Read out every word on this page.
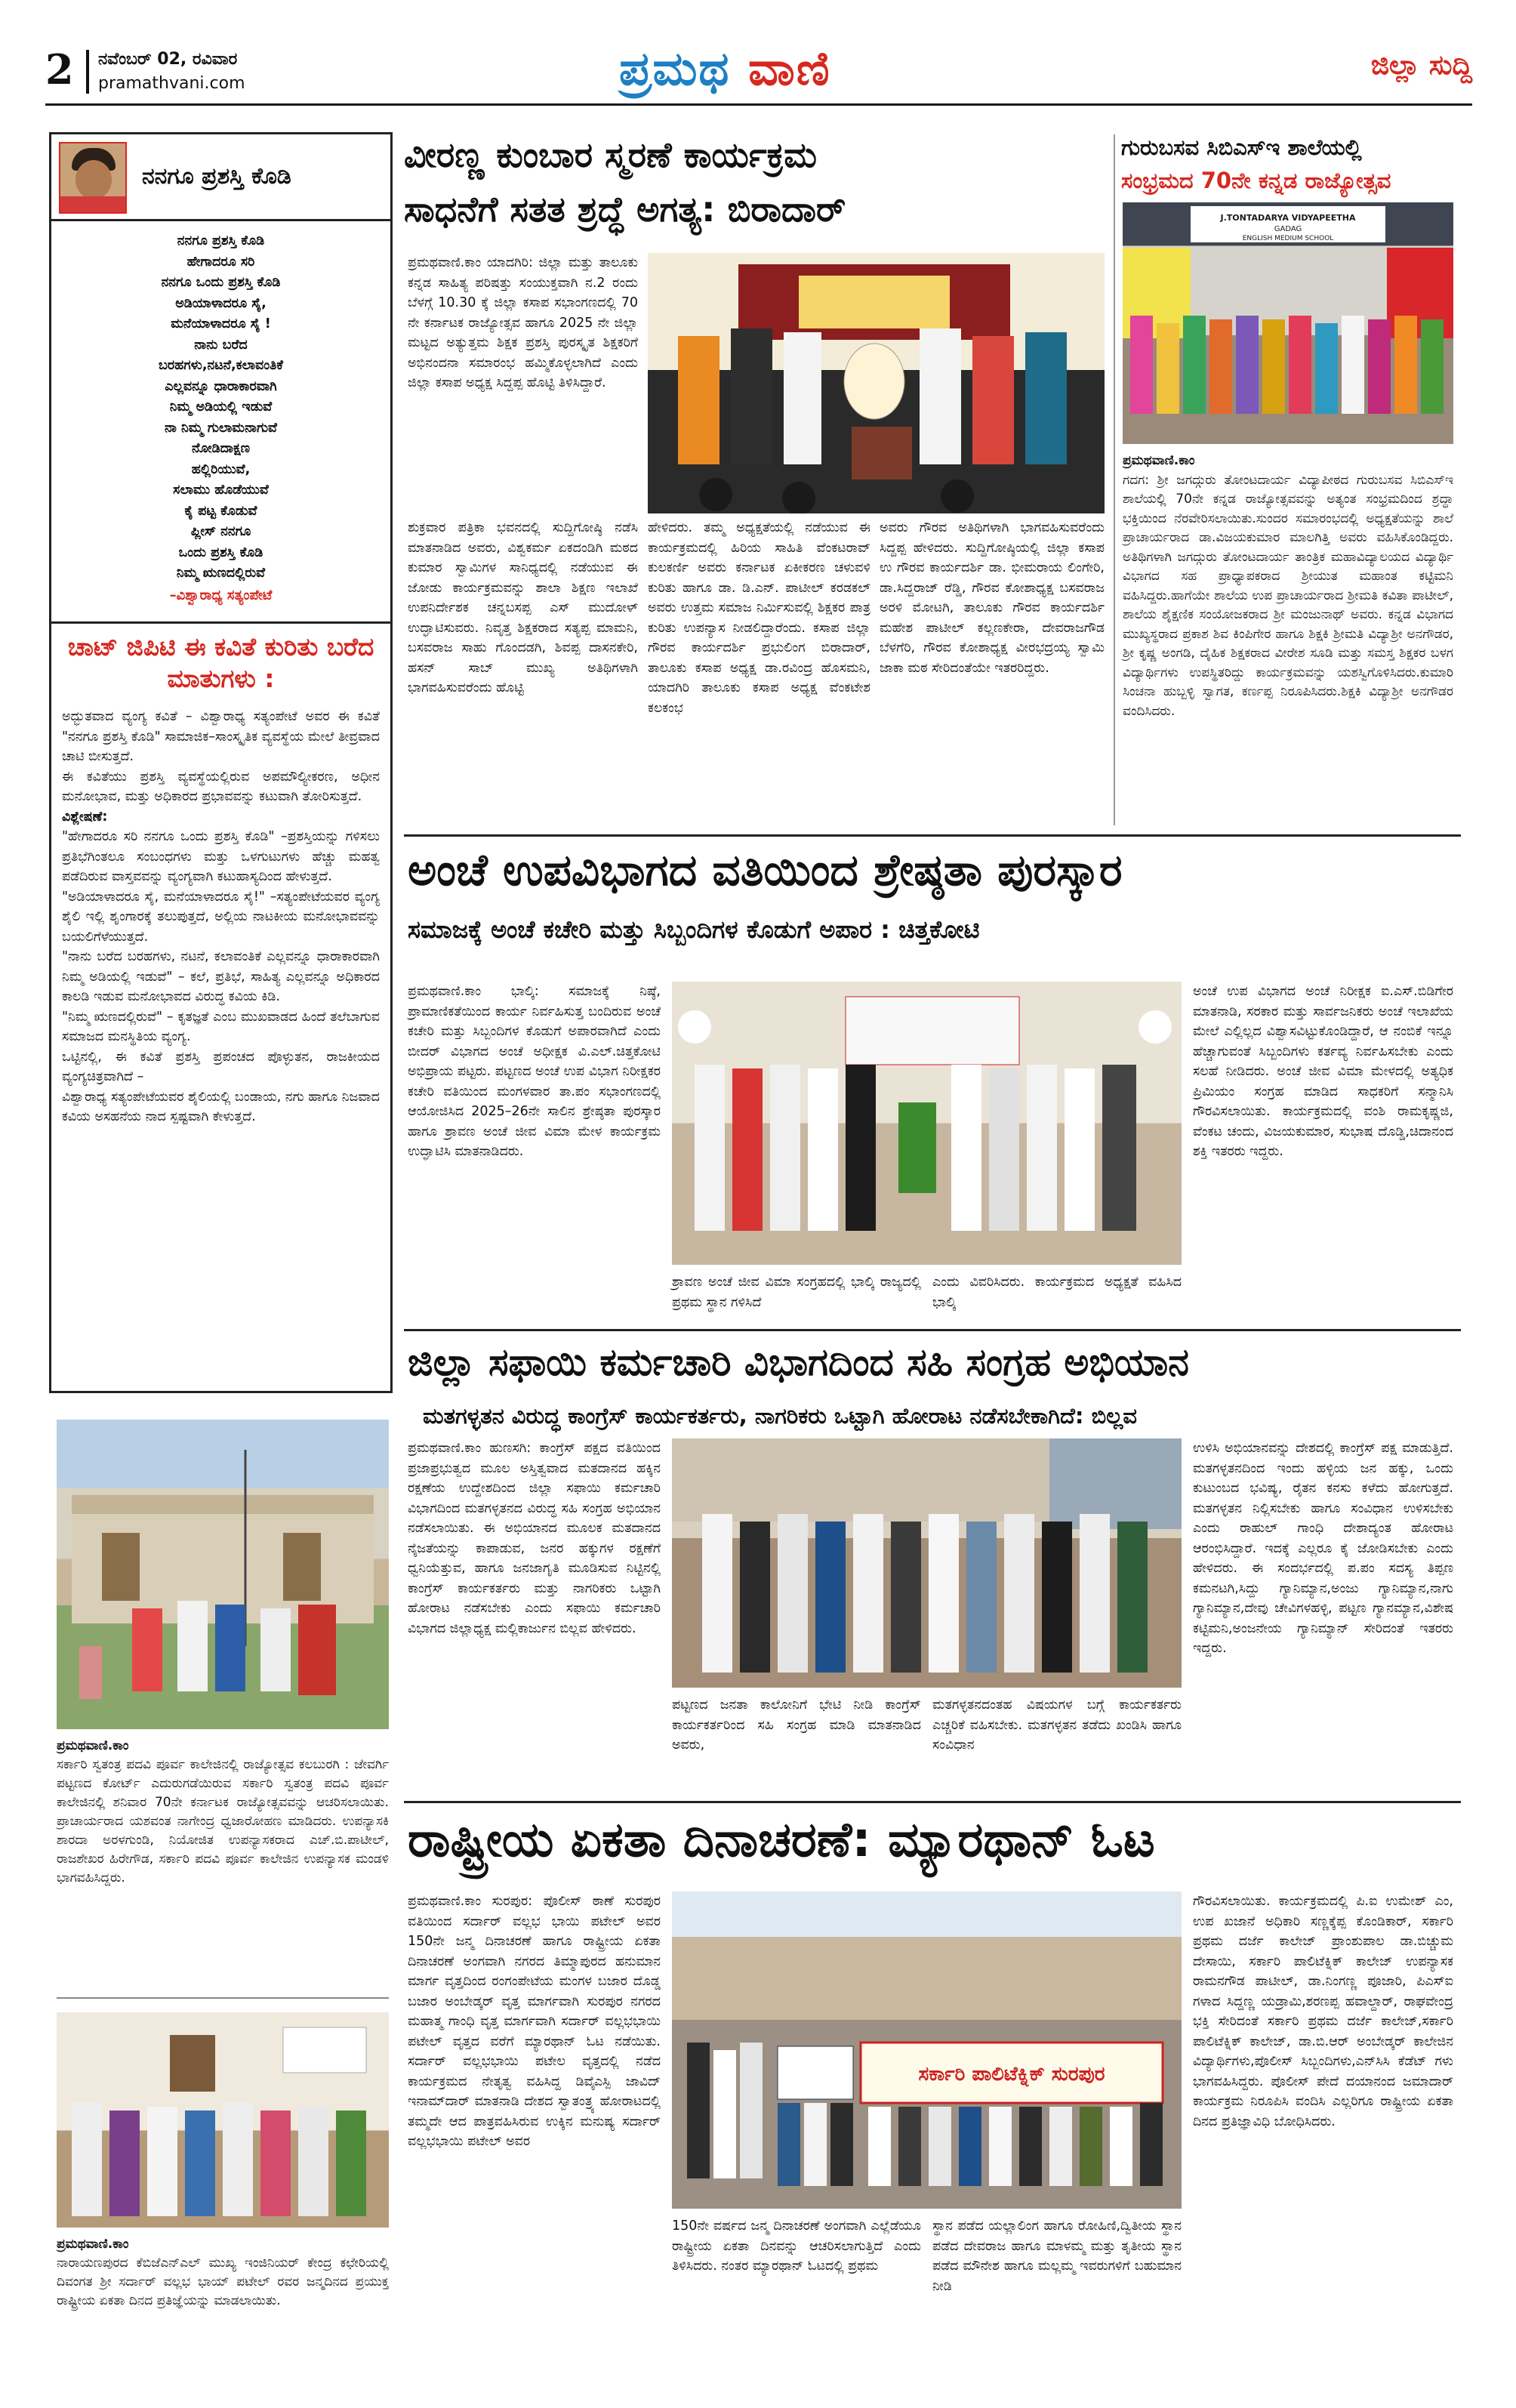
2 ನವೆಂಬರ್ 02, ರವಿವಾರ
pramathvani.com	ಪ್ರಮಥ ವಾಣಿ	ಜಿಲ್ಲಾ ಸುದ್ದಿ
ನನಗೂ ಪ್ರಶಸ್ತಿ ಕೊಡಿ
ನನಗೂ ಪ್ರಶಸ್ತಿ ಕೊಡಿ
ಹೇಗಾದರೂ ಸರಿ
ನನಗೂ ಒಂದು ಪ್ರಶಸ್ತಿ ಕೊಡಿ
ಅಡಿಯಾಳಾದರೂ ಸೈ,
ಮನೆಯಾಳಾದರೂ ಸೈ !
ನಾನು ಬರೆದ
ಬರಹಗಳು,ನಟನೆ,ಕಲಾವಂತಿಕೆ
ಎಲ್ಲವನ್ನೂ ಧಾರಾಕಾರವಾಗಿ
ನಿಮ್ಮ ಅಡಿಯಲ್ಲಿ ಇಡುವೆ
ನಾ ನಿಮ್ಮ ಗುಲಾಮನಾಗುವೆ
ನೋಡಿದಾಕ್ಷಣ
ಹಲ್ಲಿರಿಯುವೆ,
ಸಲಾಮು ಹೊಡೆಯುವೆ
ಕೈ ಪಟ್ಟ ಕೊಡುವೆ
ಪ್ಲೀಸ್ ನನಗೂ
ಒಂದು ಪ್ರಶಸ್ತಿ ಕೊಡಿ
ನಿಮ್ಮ ಋಣದಲ್ಲಿರುವೆ
–ವಿಶ್ವಾರಾಧ್ಯ ಸತ್ಯಂಪೇಟೆ
ಚಾಟ್ ಜಿಪಿಟಿ ಈ ಕವಿತೆ ಕುರಿತು ಬರೆದ ಮಾತುಗಳು :

ಅದ್ಭುತವಾದ ವ್ಯಂಗ್ಯ ಕವಿತೆ – ವಿಶ್ವಾರಾಧ್ಯ ಸತ್ಯಂಪೇಟೆ ಅವರ ಈ ಕವಿತೆ "ನನಗೂ ಪ್ರಶಸ್ತಿ ಕೊಡಿ" ಸಾಮಾಜಿಕ–ಸಾಂಸ್ಕೃತಿಕ ವ್ಯವಸ್ಥೆಯ ಮೇಲೆ ತೀವ್ರವಾದ ಚಾಟಿ ಬೀಸುತ್ತದೆ.

ಈ ಕವಿತೆಯು ಪ್ರಶಸ್ತಿ ವ್ಯವಸ್ಥೆಯಲ್ಲಿರುವ ಅಪಮೌಲ್ಯೀಕರಣ, ಅಧೀನ ಮನೋಭಾವ, ಮತ್ತು ಅಧಿಕಾರದ ಪ್ರಭಾವವನ್ನು ಕಟುವಾಗಿ ತೋರಿಸುತ್ತದೆ.

ವಿಶ್ಲೇಷಣೆ:

"ಹೇಗಾದರೂ ಸರಿ ನನಗೂ ಒಂದು ಪ್ರಶಸ್ತಿ ಕೊಡಿ" –ಪ್ರಶಸ್ತಿಯನ್ನು ಗಳಿಸಲು ಪ್ರತಿಭೆಗಿಂತಲೂ ಸಂಬಂಧಗಳು ಮತ್ತು ಒಳಗುಟುಗಳು ಹೆಚ್ಚು ಮಹತ್ವ ಪಡೆದಿರುವ ವಾಸ್ತವವನ್ನು ವ್ಯಂಗ್ಯವಾಗಿ ಕಟುಹಾಸ್ಯದಿಂದ ಹೇಳುತ್ತದೆ.

"ಅಡಿಯಾಳಾದರೂ ಸೈ, ಮನೆಯಾಳಾದರೂ ಸೈ!" –ಸತ್ಯಂಪೇಟೆಯವರ ವ್ಯಂಗ್ಯ ಶೈಲಿ ಇಲ್ಲಿ ಶೃಂಗಾರಕ್ಕೆ ತಲುಪುತ್ತದೆ, ಅಲ್ಲಿಯ ನಾಟಕೀಯ ಮನೋಭಾವವನ್ನು ಬಯಲಿಗೆಳೆಯುತ್ತದೆ.

"ನಾನು ಬರೆದ ಬರಹಗಳು, ನಟನೆ, ಕಲಾವಂತಿಕೆ ಎಲ್ಲವನ್ನೂ ಧಾರಾಕಾರವಾಗಿ ನಿಮ್ಮ ಅಡಿಯಲ್ಲಿ ಇಡುವೆ" – ಕಲೆ, ಪ್ರತಿಭೆ, ಸಾಹಿತ್ಯ ಎಲ್ಲವನ್ನೂ ಅಧಿಕಾರದ ಕಾಲಡಿ ಇಡುವ ಮನೋಭಾವದ ವಿರುದ್ಧ ಕವಿಯ ಕಿಡಿ.

"ನಿಮ್ಮ ಋಣದಲ್ಲಿರುವೆ" – ಕೃತಜ್ಞತೆ ಎಂಬ ಮುಖವಾಡದ ಹಿಂದೆ ತಲೆಬಾಗುವ ಸಮಾಜದ ಮನಸ್ಥಿತಿಯ ವ್ಯಂಗ್ಯ.

ಒಟ್ಟಿನಲ್ಲಿ, ಈ ಕವಿತೆ ಪ್ರಶಸ್ತಿ ಪ್ರಪಂಚದ ಪೊಳ್ಳುತನ, ರಾಜಕೀಯದ ವ್ಯಂಗ್ಯಚಿತ್ರವಾಗಿದೆ –

ವಿಶ್ವಾರಾಧ್ಯ ಸತ್ಯಂಪೇಟೆಯವರ ಶೈಲಿಯಲ್ಲಿ ಬಂಡಾಯ, ನಗು ಹಾಗೂ ನಿಜವಾದ ಕವಿಯ ಅಸಹನೆಯ ನಾದ ಸ್ಪಷ್ಟವಾಗಿ ಕೇಳುತ್ತದೆ.

ಪ್ರಮಥವಾಣಿ.ಕಾಂ
ಸರ್ಕಾರಿ ಸ್ವತಂತ್ರ ಪದವಿ ಪೂರ್ವ ಕಾಲೇಜಿನಲ್ಲಿ ರಾಜ್ಯೋತ್ಸವ ಕಲಬುರಗಿ : ಜೇವರ್ಗಿ ಪಟ್ಟಣದ ಕೋರ್ಟ್ ಎದುರುಗಡೆಯಿರುವ ಸರ್ಕಾರಿ ಸ್ವತಂತ್ರ ಪದವಿ ಪೂರ್ವ ಕಾಲೇಜಿನಲ್ಲಿ ಶನಿವಾರ 70ನೇ ಕರ್ನಾಟಕ ರಾಜ್ಯೋತ್ಸವವನ್ನು ಆಚರಿಸಲಾಯಿತು. ಪ್ರಾಚಾರ್ಯರಾದ ಯಶವಂತ ನಾಗೇಂದ್ರ ಧ್ವಜಾರೋಹಣ ಮಾಡಿದರು. ಉಪನ್ಯಾಸಕಿ ಶಾರದಾ ಅರಳಗುಂಡಿ, ನಿಯೋಜಿತ ಉಪನ್ಯಾಸಕರಾದ ಎಚ್.ಬಿ.ಪಾಟೀಲ್, ರಾಜಶೇಖರ ಹಿರೇಗೌಡ, ಸರ್ಕಾರಿ ಪದವಿ ಪೂರ್ವ ಕಾಲೇಜಿನ ಉಪನ್ಯಾಸಕ ಮಂಡಳಿ ಭಾಗವಹಿಸಿದ್ದರು.
ಪ್ರಮಥವಾಣಿ.ಕಾಂ
ನಾರಾಯಣಪುರದ ಕೆಬಿಜೆಎನ್‌ಎಲ್ ಮುಖ್ಯ ಇಂಜಿನಿಯರ್ ಕೇಂದ್ರ ಕಛೇರಿಯಲ್ಲಿ ದಿವಂಗತ ಶ್ರೀ ಸರ್ದಾರ್ ವಲ್ಲಭ ಭಾಯ್ ಪಟೇಲ್ ರವರ ಜನ್ಮದಿನದ ಪ್ರಯುಕ್ತ ರಾಷ್ಟ್ರೀಯ ಏಕತಾ ದಿನದ ಪ್ರತಿಜ್ಞೆಯನ್ನು ಮಾಡಲಾಯಿತು.
ವೀರಣ್ಣ ಕುಂಬಾರ ಸ್ಮರಣೆ ಕಾರ್ಯಕ್ರಮ
ಸಾಧನೆಗೆ ಸತತ ಶ್ರದ್ಧೆ ಅಗತ್ಯ: ಬಿರಾದಾರ್
ಪ್ರಮಥವಾಣಿ.ಕಾಂ ಯಾದಗಿರಿ: ಜಿಲ್ಲಾ ಮತ್ತು ತಾಲೂಕು ಕನ್ನಡ ಸಾಹಿತ್ಯ ಪರಿಷತ್ತು ಸಂಯುಕ್ತವಾಗಿ ನ.2 ರಂದು ಬೆಳಗ್ಗೆ 10.30 ಕ್ಕೆ ಜಿಲ್ಲಾ ಕಸಾಪ ಸಭಾಂಗಣದಲ್ಲಿ 70 ನೇ ಕರ್ನಾಟಕ ರಾಜ್ಯೋತ್ಸವ ಹಾಗೂ 2025 ನೇ ಜಿಲ್ಲಾ ಮಟ್ಟದ ಅತ್ಯುತ್ತಮ ಶಿಕ್ಷಕ ಪ್ರಶಸ್ತಿ ಪುರಸ್ಕೃತ ಶಿಕ್ಷಕರಿಗೆ ಅಭಿನಂದನಾ ಸಮಾರಂಭ ಹಮ್ಮಿಕೊಳ್ಳಲಾಗಿದೆ ಎಂದು ಜಿಲ್ಲಾ ಕಸಾಪ ಅಧ್ಯಕ್ಷ ಸಿದ್ದಪ್ಪ ಹೊಟ್ಟಿ ತಿಳಿಸಿದ್ದಾರೆ.
ಶುಕ್ರವಾರ ಪತ್ರಿಕಾ ಭವನದಲ್ಲಿ ಸುದ್ದಿಗೋಷ್ಠಿ ನಡೆಸಿ ಮಾತನಾಡಿದ ಅವರು, ವಿಶ್ವಕರ್ಮ ಏಕದಂಡಿಗಿ ಮಠದ ಕುಮಾರ ಸ್ವಾಮಿಗಳ ಸಾನಿಧ್ಯದಲ್ಲಿ ನಡೆಯುವ ಈ ಜೋಡು ಕಾರ್ಯಕ್ರಮವನ್ನು ಶಾಲಾ ಶಿಕ್ಷಣ ಇಲಾಖೆ ಉಪನಿರ್ದೇಶಕ ಚನ್ನಬಸಪ್ಪ ಎಸ್ ಮುದೋಳ್ ಉದ್ಘಾಟಿಸುವರು. ನಿವೃತ್ತ ಶಿಕ್ಷಕರಾದ ಸತ್ಯಪ್ಪ ಮಾಮನಿ, ಬಸವರಾಜ ಸಾಹು ಗೊಂದಡಗಿ, ಶಿವಪ್ಪ ದಾಸನಕೇರಿ, ಹಸನ್ ಸಾಬ್ ಮುಖ್ಯ ಅತಿಥಿಗಳಾಗಿ ಭಾಗವಹಿಸುವರೆಂದು ಹೊಟ್ಟಿ
ಹೇಳಿದರು. ತಮ್ಮ ಅಧ್ಯಕ್ಷತೆಯಲ್ಲಿ ನಡೆಯುವ ಈ ಕಾರ್ಯಕ್ರಮದಲ್ಲಿ ಹಿರಿಯ ಸಾಹಿತಿ ವೆಂಕಟರಾವ್ ಕುಲಕರ್ಣಿ ಅವರು ಕರ್ನಾಟಕ ಏಕೀಕರಣ ಚಳುವಳಿ ಕುರಿತು ಹಾಗೂ ಡಾ. ಡಿ.ಎನ್. ಪಾಟೀಲ್ ಕರಡಕಲ್ ಅವರು ಉತ್ತಮ ಸಮಾಜ ನಿರ್ಮಿಸುವಲ್ಲಿ ಶಿಕ್ಷಕರ ಪಾತ್ರ ಕುರಿತು ಉಪನ್ಯಾಸ ನೀಡಲಿದ್ದಾರೆಂದು. ಕಸಾಪ ಜಿಲ್ಲಾ ಗೌರವ ಕಾರ್ಯದರ್ಶಿ ಪ್ರಭುಲಿಂಗ ಬಿರಾದಾರ್, ತಾಲೂಕು ಕಸಾಪ ಅಧ್ಯಕ್ಷ ಡಾ.ರವಿಂದ್ರ ಹೊಸಮನಿ, ಯಾದಗಿರಿ ತಾಲೂಕು ಕಸಾಪ ಅಧ್ಯಕ್ಷ ವೆಂಕಟೇಶ ಕಲಕಂಭ
ಅವರು ಗೌರವ ಅತಿಥಿಗಳಾಗಿ ಭಾಗವಹಿಸುವರೆಂದು ಸಿದ್ದಪ್ಪ ಹೇಳಿದರು. ಸುದ್ದಿಗೋಷ್ಠಿಯಲ್ಲಿ ಜಿಲ್ಲಾ ಕಸಾಪ ಉ ಗೌರವ ಕಾರ್ಯದರ್ಶಿ ಡಾ. ಭೀಮರಾಯ ಲಿಂಗೇರಿ, ಡಾ.ಸಿದ್ದರಾಜ್ ರೆಡ್ಡಿ, ಗೌರವ ಕೋಶಾಧ್ಯಕ್ಷ ಬಸವರಾಜ ಅರಳಿ ಮೋಟಗಿ, ತಾಲೂಕು ಗೌರವ ಕಾರ್ಯದರ್ಶಿ ಮಹೇಶ ಪಾಟೀಲ್ ಕಲ್ಲಣಕೇರಾ, ದೇವರಾಜಗೌಡ ಬೆಳಗೆರಿ, ಗೌರವ ಕೋಶಾಧ್ಯಕ್ಷ ವೀರಭದ್ರಯ್ಯ ಸ್ವಾಮಿ ಜಾಕಾ ಮಠ ಸೇರಿದಂತೆಯೇ ಇತರರಿದ್ದರು.
ಗುರುಬಸವ ಸಿಬಿಎಸ್‌ಇ ಶಾಲೆಯಲ್ಲಿ
ಸಂಭ್ರಮದ 70ನೇ ಕನ್ನಡ ರಾಜ್ಯೋತ್ಸವ
J.TONTADARYA VIDYAPEETHA
GADAG
ENGLISH MEDIUM SCHOOL
ಪ್ರಮಥವಾಣಿ.ಕಾಂ
ಗದಗ: ಶ್ರೀ ಜಗದ್ಗುರು ತೋಂಟದಾರ್ಯ ವಿದ್ಯಾಪೀಠದ ಗುರುಬಸವ ಸಿಬಿಎಸ್‌ಇ ಶಾಲೆಯಲ್ಲಿ 70ನೇ ಕನ್ನಡ ರಾಜ್ಯೋತ್ಸವವನ್ನು ಅತ್ಯಂತ ಸಂಭ್ರಮದಿಂದ ಶ್ರದ್ಧಾ ಭಕ್ತಿಯಿಂದ ನೆರವೇರಿಸಲಾಯಿತು.ಸುಂದರ ಸಮಾರಂಭದಲ್ಲಿ ಅಧ್ಯಕ್ಷತೆಯನ್ನು ಶಾಲೆ ಪ್ರಾಚಾರ್ಯರಾದ ಡಾ.ವಿಜಯಕುಮಾರ ಮಾಲಗಿತ್ತಿ ಅವರು ವಹಿಸಿಕೊಂಡಿದ್ದರು. ಅತಿಥಿಗಳಾಗಿ ಜಗದ್ಗುರು ತೋಂಟದಾರ್ಯ ತಾಂತ್ರಿಕ ಮಹಾವಿದ್ಯಾಲಯದ ವಿದ್ಯಾರ್ಥಿ ವಿಭಾಗದ ಸಹ ಪ್ರಾಧ್ಯಾಪಕರಾದ ಶ್ರೀಯುತ ಮಹಾಂತ ಕಟ್ಟಿಮನಿ ವಹಿಸಿದ್ದರು.ಹಾಗೆಯೇ ಶಾಲೆಯ ಉಪ ಪ್ರಾಚಾರ್ಯರಾದ ಶ್ರೀಮತಿ ಕವಿತಾ ಪಾಟೀಲ್, ಶಾಲೆಯ ಶೈಕ್ಷಣಿಕ ಸಂಯೋಜಕರಾದ ಶ್ರೀ ಮಂಜುನಾಥ್ ಅವರು. ಕನ್ನಡ ವಿಭಾಗದ ಮುಖ್ಯಸ್ಥರಾದ ಪ್ರಕಾಶ ಶಿವ ಕಿಂಪಿಗೇರ ಹಾಗೂ ಶಿಕ್ಷಕಿ ಶ್ರೀಮತಿ ವಿದ್ಯಾಶ್ರೀ ಅನಗೌಡರ, ಶ್ರೀ ಕೃಷ್ಣ ಅಂಗಡಿ, ದೈಹಿಕ ಶಿಕ್ಷಕರಾದ ವೀರೇಶ ಸೂಡಿ ಮತ್ತು ಸಮಸ್ತ ಶಿಕ್ಷಕರ ಬಳಗ ವಿದ್ಯಾರ್ಥಿಗಳು ಉಪಸ್ಥಿತರಿದ್ದು ಕಾರ್ಯಕ್ರಮವನ್ನು ಯಶಸ್ವಿಗೊಳಿಸಿದರು.ಕುಮಾರಿ ಸಿಂಚನಾ ಹುಬ್ಬಳ್ಳಿ ಸ್ವಾಗತ, ಕರ್ಣಪ್ಪ ನಿರೂಪಿಸಿದರು.ಶಿಕ್ಷಕಿ ವಿದ್ಯಾಶ್ರೀ ಅನಗೌಡರ ವಂದಿಸಿದರು.
ಅಂಚೆ ಉಪವಿಭಾಗದ ವತಿಯಿಂದ ಶ್ರೇಷ್ಠತಾ ಪುರಸ್ಕಾರ
ಸಮಾಜಕ್ಕೆ ಅಂಚೆ ಕಚೇರಿ ಮತ್ತು ಸಿಬ್ಬಂದಿಗಳ ಕೊಡುಗೆ ಅಪಾರ : ಚಿತ್ತಕೋಟಿ
ಪ್ರಮಥವಾಣಿ.ಕಾಂ ಭಾಲ್ಕಿ: ಸಮಾಜಕ್ಕೆ ನಿಷ್ಠೆ, ಪ್ರಾಮಾಣಿಕತೆಯಿಂದ ಕಾರ್ಯ ನಿರ್ವಹಿಸುತ್ತ ಬಂದಿರುವ ಅಂಚೆ ಕಚೇರಿ ಮತ್ತು ಸಿಬ್ಬಂದಿಗಳ ಕೊಡುಗೆ ಅಪಾರವಾಗಿದೆ ಎಂದು ಬೀದರ್ ವಿಭಾಗದ ಅಂಚೆ ಅಧೀಕ್ಷಕ ವಿ.ಎಲ್.ಚಿತ್ತಕೋಟಿ ಅಭಿಪ್ರಾಯ ಪಟ್ಟರು. ಪಟ್ಟಣದ ಅಂಚೆ ಉಪ ವಿಭಾಗ ನಿರೀಕ್ಷಕರ ಕಚೇರಿ ವತಿಯಿಂದ ಮಂಗಳವಾರ ತಾ.ಪಂ ಸಭಾಂಗಣದಲ್ಲಿ ಆಯೋಜಿಸಿದ 2025–26ನೇ ಸಾಲಿನ ಶ್ರೇಷ್ಠತಾ ಪುರಸ್ಕಾರ ಹಾಗೂ ಶ್ರಾವಣ ಅಂಚೆ ಜೀವ ವಿಮಾ ಮೇಳ ಕಾರ್ಯಕ್ರಮ ಉದ್ಘಾಟಿಸಿ ಮಾತನಾಡಿದರು.
ಶ್ರಾವಣ ಅಂಚೆ ಜೀವ ವಿಮಾ ಸಂಗ್ರಹದಲ್ಲಿ ಭಾಲ್ಕಿ ರಾಜ್ಯದಲ್ಲಿ ಪ್ರಥಮ ಸ್ಥಾನ ಗಳಿಸಿದೆ
ಎಂದು ವಿವರಿಸಿದರು. ಕಾರ್ಯಕ್ರಮದ ಅಧ್ಯಕ್ಷತೆ ವಹಿಸಿದ ಭಾಲ್ಕಿ
ಅಂಚೆ ಉಪ ವಿಭಾಗದ ಅಂಚೆ ನಿರೀಕ್ಷಕ ಐ.ಎಸ್.ಬಿಡಿಗೇರ ಮಾತನಾಡಿ, ಸರಕಾರ ಮತ್ತು ಸಾರ್ವಜನಿಕರು ಅಂಚೆ ಇಲಾಖೆಯ ಮೇಲೆ ಎಲ್ಲಿಲ್ಲದ ವಿಶ್ವಾಸವಿಟ್ಟುಕೊಂಡಿದ್ದಾರೆ, ಆ ನಂಬಿಕೆ ಇನ್ನೂ ಹೆಚ್ಚಾಗುವಂತೆ ಸಿಬ್ಬಂದಿಗಳು ಕರ್ತವ್ಯ ನಿರ್ವಹಿಸಬೇಕು ಎಂದು ಸಲಹೆ ನೀಡಿದರು. ಅಂಚೆ ಜೀವ ವಿಮಾ ಮೇಳದಲ್ಲಿ ಅತ್ಯಧಿಕ ಪ್ರಿಮಿಯಂ ಸಂಗ್ರಹ ಮಾಡಿದ ಸಾಧಕರಿಗೆ ಸನ್ಮಾನಿಸಿ ಗೌರವಿಸಲಾಯಿತು. ಕಾರ್ಯಕ್ರಮದಲ್ಲಿ ವಂಶಿ ರಾಮಕೃಷ್ಣಜಿ, ವೆಂಕಟ ಚಂದು, ವಿಜಯಕುಮಾರ, ಸುಭಾಷ ದೊಡ್ಡಿ,ಚಿದಾನಂದ ಶಕ್ತಿ ಇತರರು ಇದ್ದರು.
ಜಿಲ್ಲಾ ಸಫಾಯಿ ಕರ್ಮಚಾರಿ ವಿಭಾಗದಿಂದ ಸಹಿ ಸಂಗ್ರಹ ಅಭಿಯಾನ
ಮತಗಳ್ಳತನ ವಿರುದ್ಧ ಕಾಂಗ್ರೆಸ್ ಕಾರ್ಯಕರ್ತರು, ನಾಗರಿಕರು ಒಟ್ಟಾಗಿ ಹೋರಾಟ ನಡೆಸಬೇಕಾಗಿದೆ: ಬಿಲ್ಲವ
ಪ್ರಮಥವಾಣಿ.ಕಾಂ ಹುಣಸಗಿ: ಕಾಂಗ್ರೆಸ್ ಪಕ್ಷದ ವತಿಯಿಂದ ಪ್ರಜಾಪ್ರಭುತ್ವದ ಮೂಲ ಅಸ್ತಿತ್ವವಾದ ಮತದಾನದ ಹಕ್ಕಿನ ರಕ್ಷಣೆಯ ಉದ್ದೇಶದಿಂದ ಜಿಲ್ಲಾ ಸಫಾಯಿ ಕರ್ಮಚಾರಿ ವಿಭಾಗದಿಂದ ಮತಗಳ್ಳತನದ ವಿರುದ್ಧ ಸಹಿ ಸಂಗ್ರಹ ಅಭಿಯಾನ ನಡೆಸಲಾಯಿತು. ಈ ಅಭಿಯಾನದ ಮೂಲಕ ಮತದಾನದ ನೈಜತೆಯನ್ನು ಕಾಪಾಡುವ, ಜನರ ಹಕ್ಕುಗಳ ರಕ್ಷಣೆಗೆ ಧ್ವನಿಯೆತ್ತುವ, ಹಾಗೂ ಜನಜಾಗೃತಿ ಮೂಡಿಸುವ ನಿಟ್ಟಿನಲ್ಲಿ ಕಾಂಗ್ರೆಸ್ ಕಾರ್ಯಕರ್ತರು ಮತ್ತು ನಾಗರಿಕರು ಒಟ್ಟಾಗಿ ಹೋರಾಟ ನಡೆಸಬೇಕು ಎಂದು ಸಫಾಯಿ ಕರ್ಮಚಾರಿ ವಿಭಾಗದ ಜಿಲ್ಲಾಧ್ಯಕ್ಷ ಮಲ್ಲಿಕಾರ್ಜುನ ಬಿಲ್ಲವ ಹೇಳಿದರು.
ಪಟ್ಟಣದ ಜನತಾ ಕಾಲೋನಿಗೆ ಭೇಟಿ ನೀಡಿ ಕಾಂಗ್ರೆಸ್ ಕಾರ್ಯಕರ್ತರಿಂದ ಸಹಿ ಸಂಗ್ರಹ ಮಾಡಿ ಮಾತನಾಡಿದ ಅವರು,
ಮತಗಳ್ಳತನದಂತಹ ವಿಷಯಗಳ ಬಗ್ಗೆ ಕಾರ್ಯಕರ್ತರು ಎಚ್ಚರಿಕೆ ವಹಿಸಬೇಕು. ಮತಗಳ್ಳತನ ತಡೆದು ಖಂಡಿಸಿ ಹಾಗೂ ಸಂವಿಧಾನ
ಉಳಿಸಿ ಅಭಿಯಾನವನ್ನು ದೇಶದಲ್ಲಿ ಕಾಂಗ್ರೆಸ್ ಪಕ್ಷ ಮಾಡುತ್ತಿದೆ. ಮತಗಳ್ಳತನದಿಂದ ಇಂದು ಹಳ್ಳಿಯ ಜನ ಹಕ್ಕು, ಒಂದು ಕುಟುಂಬದ ಭವಿಷ್ಯ, ರೈತನ ಕನಸು ಕಳೆದು ಹೋಗುತ್ತದೆ. ಮತಗಳ್ಳತನ ನಿಲ್ಲಿಸಬೇಕು ಹಾಗೂ ಸಂವಿಧಾನ ಉಳಿಸಬೇಕು ಎಂದು ರಾಹುಲ್ ಗಾಂಧಿ ದೇಶಾದ್ಯಂತ ಹೋರಾಟ ಆರಂಭಿಸಿದ್ದಾರೆ. ಇದಕ್ಕೆ ಎಲ್ಲರೂ ಕೈ ಜೋಡಿಸಬೇಕು ಎಂದು ಹೇಳಿದರು. ಈ ಸಂದರ್ಭದಲ್ಲಿ ಪ.ಪಂ ಸದಸ್ಯ ತಿಪ್ಪಣ ಕಮನಟಗಿ,ಸಿದ್ದು ಗ್ಯಾನಿಮ್ಯಾನ,ಅಂಜು ಗ್ಯಾನಿಮ್ಯಾನ,ನಾಗು ಗ್ಯಾನಿಮ್ಯಾನ,ದೇವು ಚೇವಿಗಳಹಳ್ಳಿ, ಪಟ್ಟಣ ಗ್ಯಾನಮ್ಯಾನ,ವಿಶೇಷ ಕಟ್ಟಿಮನಿ,ಅಂಜನೇಯ ಗ್ಯಾನಿಮ್ಯಾನ್ ಸೇರಿದಂತೆ ಇತರರು ಇದ್ದರು.
ರಾಷ್ಟ್ರೀಯ ಏಕತಾ ದಿನಾಚರಣೆ: ಮ್ಯಾರಥಾನ್ ಓಟ
ಪ್ರಮಥವಾಣಿ.ಕಾಂ ಸುರಪುರ: ಪೊಲೀಸ್ ಠಾಣೆ ಸುರಪುರ ವತಿಯಿಂದ ಸರ್ದಾರ್ ವಲ್ಲಭ ಭಾಯಿ ಪಟೇಲ್ ಅವರ 150ನೇ ಜನ್ಮ ದಿನಾಚರಣೆ ಹಾಗೂ ರಾಷ್ಟ್ರೀಯ ಏಕತಾ ದಿನಾಚರಣೆ ಅಂಗವಾಗಿ ನಗರದ ತಿಮ್ಮಾಪುರದ ಹನುಮಾನ ಮಾರ್ಗ ವೃತ್ತದಿಂದ ರಂಗಂಪೇಟೆಯ ಮಂಗಳ ಬಜಾರ ದೊಡ್ಡ ಬಜಾರ ಅಂಬೇಡ್ಕರ್ ವೃತ್ತ ಮಾರ್ಗವಾಗಿ ಸುರಪುರ ನಗರದ ಮಹಾತ್ಮ ಗಾಂಧಿ ವೃತ್ತ ಮಾರ್ಗವಾಗಿ ಸರ್ದಾರ್ ವಲ್ಲಭಭಾಯಿ ಪಟೇಲ್ ವೃತ್ತದ ವರೆಗೆ ಮ್ಯಾರಥಾನ್ ಓಟ ನಡೆಯಿತು. ಸರ್ದಾರ್ ವಲ್ಲಭಭಾಯಿ ಪಟೇಲ ವೃತ್ತದಲ್ಲಿ ನಡೆದ ಕಾರ್ಯಕ್ರಮದ ನೇತೃತ್ವ ವಹಿಸಿದ್ದ ಡಿವೈಎಸ್ಪಿ ಜಾವಿದ್ ಇನಾಮ್‌ದಾರ್ ಮಾತನಾಡಿ ದೇಶದ ಸ್ವಾತಂತ್ರ್ಯ ಹೋರಾಟದಲ್ಲಿ ತಮ್ಮದೇ ಆದ ಪಾತ್ರವಹಿಸಿರುವ ಉಕ್ಕಿನ ಮನುಷ್ಯ ಸರ್ದಾರ್ ವಲ್ಲಭಭಾಯಿ ಪಟೇಲ್ ಅವರ
ಸರ್ಕಾರಿ ಪಾಲಿಟೆಕ್ನಿಕ್ ಸುರಪುರ
150ನೇ ವರ್ಷದ ಜನ್ಮ ದಿನಾಚರಣೆ ಅಂಗವಾಗಿ ಎಲ್ಲೆಡೆಯೂ ರಾಷ್ಟ್ರೀಯ ಏಕತಾ ದಿನವನ್ನು ಆಚರಿಸಲಾಗುತ್ತಿದೆ ಎಂದು ತಿಳಿಸಿದರು. ನಂತರ ಮ್ಯಾರಥಾನ್ ಓಟದಲ್ಲಿ ಪ್ರಥಮ
ಸ್ಥಾನ ಪಡೆದ ಯಲ್ಲಾಲಿಂಗ ಹಾಗೂ ರೋಹಿಣಿ,ದ್ವಿತೀಯ ಸ್ಥಾನ ಪಡೆದ ದೇವರಾಜ ಹಾಗೂ ಮಾಳಮ್ಮ ಮತ್ತು ತೃತೀಯ ಸ್ಥಾನ ಪಡೆದ ಮೌನೇಶ ಹಾಗೂ ಮಲ್ಲಮ್ಮ ಇವರುಗಳಿಗೆ ಬಹುಮಾನ ನೀಡಿ
ಗೌರವಿಸಲಾಯಿತು. ಕಾರ್ಯಕ್ರಮದಲ್ಲಿ ಪಿ.ಐ ಉಮೇಶ್ ಎಂ, ಉಪ ಖಜಾನೆ ಅಧಿಕಾರಿ ಸಣ್ಣಕ್ಕೆಪ್ಪ ಕೊಂಡಿಕಾರ್, ಸರ್ಕಾರಿ ಪ್ರಥಮ ದರ್ಜೆ ಕಾಲೇಜ್ ಪ್ರಾಂಶುಪಾಲ ಡಾ.ಬಿಚ್ಚುಮ ದೇಸಾಯಿ, ಸರ್ಕಾರಿ ಪಾಲಿಟೆಕ್ನಿಕ್ ಕಾಲೇಜ್ ಉಪನ್ಯಾಸಕ ರಾಮನಗೌಡ ಪಾಟೀಲ್, ಡಾ.ನಿಂಗಣ್ಣ ಪೂಜಾರಿ, ಪಿಎಸ್‌ಐ ಗಳಾದ ಸಿದ್ದಣ್ಣ ಯಡ್ರಾಮಿ,ಶರಣಪ್ಪ ಹವಾಲ್ದಾರ್, ರಾಘವೇಂದ್ರ ಭಕ್ತಿ ಸೇರಿದಂತೆ ಸರ್ಕಾರಿ ಪ್ರಥಮ ದರ್ಜೆ ಕಾಲೇಜ್,ಸರ್ಕಾರಿ ಪಾಲಿಟೆಕ್ನಿಕ್ ಕಾಲೇಜ್, ಡಾ.ಬಿ.ಆರ್ ಅಂಬೇಡ್ಕರ್ ಕಾಲೇಜಿನ ವಿದ್ಯಾರ್ಥಿಗಳು,ಪೊಲೀಸ್ ಸಿಬ್ಬಂದಿಗಳು,ಎನ್‌ಸಿಸಿ ಕೆಡೆಟ್ ಗಳು ಭಾಗವಹಿಸಿದ್ದರು. ಪೊಲೀಸ್ ಪೇದೆ ದಯಾನಂದ ಜಮಾದಾರ್ ಕಾರ್ಯಕ್ರಮ ನಿರೂಪಿಸಿ ವಂದಿಸಿ ಎಲ್ಲರಿಗೂ ರಾಷ್ಟ್ರೀಯ ಏಕತಾ ದಿನದ ಪ್ರತಿಜ್ಞಾವಿಧಿ ಬೋಧಿಸಿದರು.
